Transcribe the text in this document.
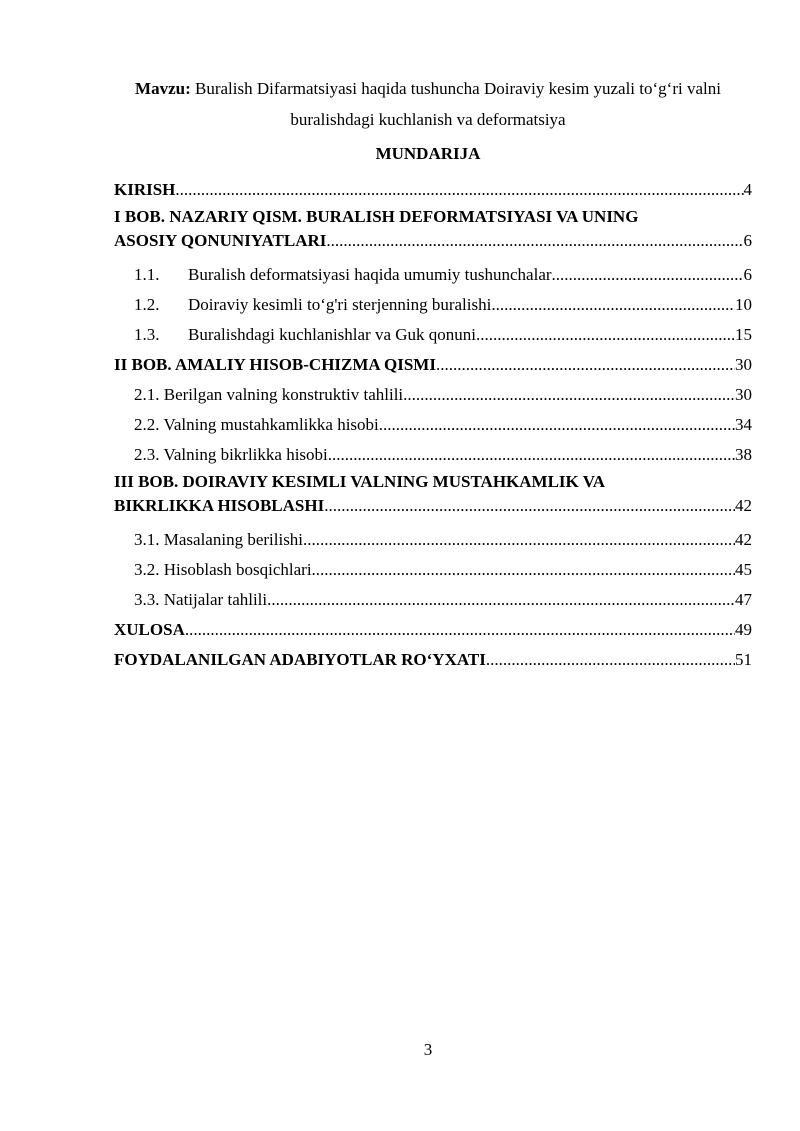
Mavzu: Buralish Difarmatsiyasi haqida tushuncha Doiraviy kesim yuzali to‘g‘ri valni buralishdagi kuchlanish va deformatsiya
MUNDARIJA
KIRISH .....	4
I BOB. NAZARIY QISM. BURALISH DEFORMATSIYASI VA UNING
ASOSIY QONUNIYATLARI .....	6
1.1.	Buralish deformatsiyasi haqida umumiy tushunchalar .....	6
1.2.	Doiraviy kesimli to‘g'ri sterjenning buralishi .....	10
1.3.	Buralishdagi kuchlanishlar va Guk qonuni .....	15
II BOB. AMALIY HISOB-CHIZMA QISMI .....	30
2.1. Berilgan valning konstruktiv tahlili .....	30
2.2. Valning mustahkamlikka hisobi .....	34
2.3. Valning bikrlikka hisobi .....	38
III BOB. DOIRAVIY KESIMLI VALNING MUSTAHKAMLIK VA
BIKRLIKKA HISOBLASHI .....	42
3.1. Masalaning berilishi .....	42
3.2. Hisoblash bosqichlari .....	45
3.3. Natijalar tahlili .....	47
XULOSA .....	49
FOYDALANILGAN ADABIYOTLAR RO‘YXATI .....	51
3
